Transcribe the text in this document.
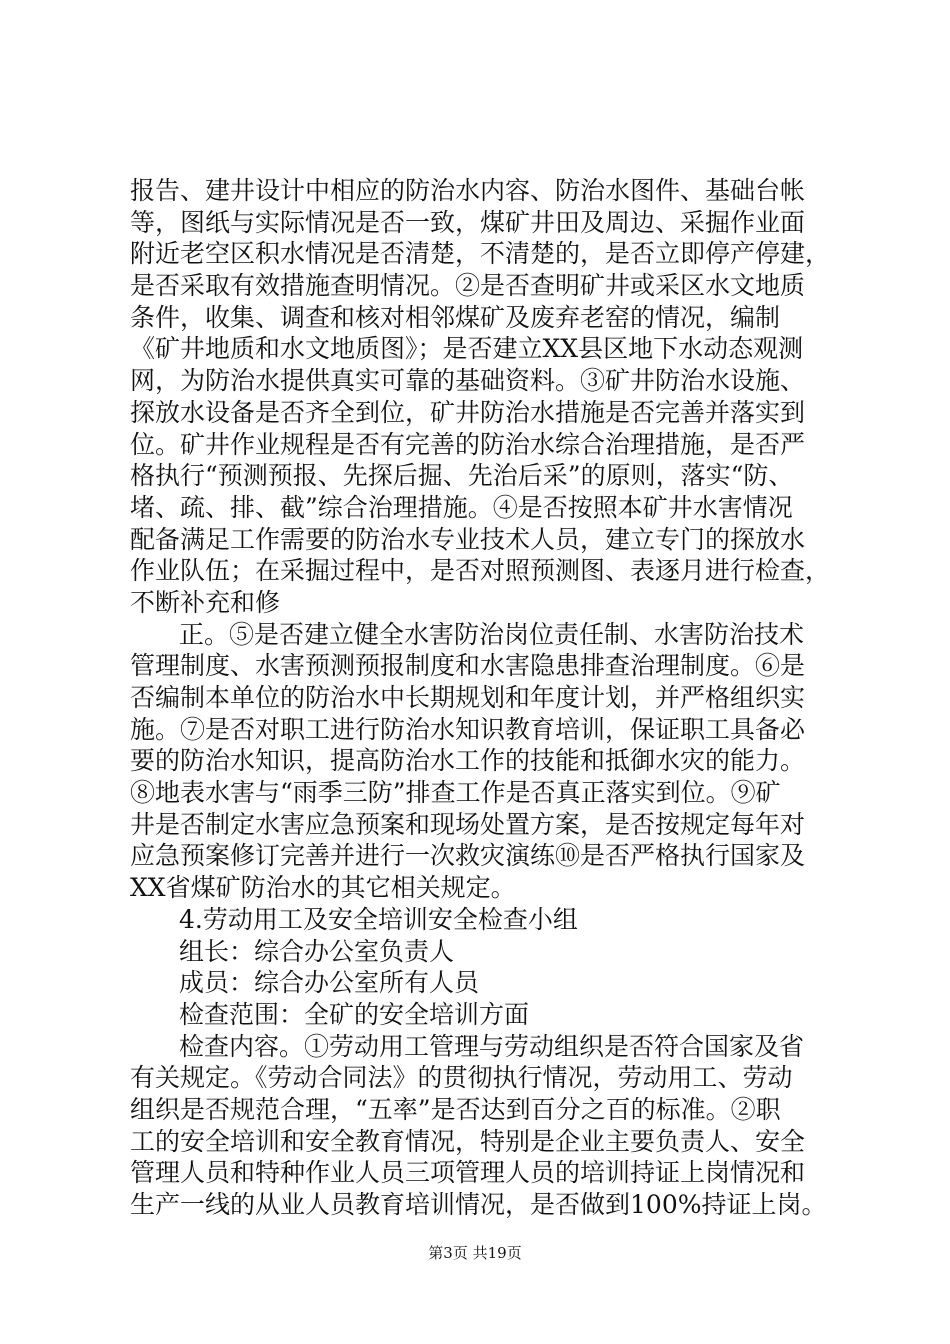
报告、建井设计中相应的防治水内容、防治水图件、基础台帐
等，图纸与实际情况是否一致，煤矿井田及周边、采掘作业面
附近老空区积水情况是否清楚，不清楚的，是否立即停产停建，
是否采取有效措施查明情况。②是否查明矿井或采区水文地质
条件，收集、调查和核对相邻煤矿及废弃老窑的情况，编制
《矿井地质和水文地质图》；是否建立XX县区地下水动态观测
网，为防治水提供真实可靠的基础资料。③矿井防治水设施、
探放水设备是否齐全到位，矿井防治水措施是否完善并落实到
位。矿井作业规程是否有完善的防治水综合治理措施，是否严
格执行“预测预报、先探后掘、先治后采”的原则，落实“防、
堵、疏、排、截”综合治理措施。④是否按照本矿井水害情况
配备满足工作需要的防治水专业技术人员，建立专门的探放水
作业队伍；在采掘过程中，是否对照预测图、表逐月进行检查，
不断补充和修
正。⑤是否建立健全水害防治岗位责任制、水害防治技术
管理制度、水害预测预报制度和水害隐患排查治理制度。⑥是
否编制本单位的防治水中长期规划和年度计划，并严格组织实
施。⑦是否对职工进行防治水知识教育培训，保证职工具备必
要的防治水知识，提高防治水工作的技能和抵御水灾的能力。
⑧地表水害与“雨季三防”排查工作是否真正落实到位。⑨矿
井是否制定水害应急预案和现场处置方案，是否按规定每年对
应急预案修订完善并进行一次救灾演练⑩是否严格执行国家及
XX省煤矿防治水的其它相关规定。
4.劳动用工及安全培训安全检查小组
组长：综合办公室负责人
成员：综合办公室所有人员
检查范围：全矿的安全培训方面
检查内容。①劳动用工管理与劳动组织是否符合国家及省
有关规定。《劳动合同法》的贯彻执行情况，劳动用工、劳动
组织是否规范合理，“五率”是否达到百分之百的标准。②职
工的安全培训和安全教育情况，特别是企业主要负责人、安全
管理人员和特种作业人员三项管理人员的培训持证上岗情况和
生产一线的从业人员教育培训情况，是否做到100%持证上岗。
第3页 共19页
